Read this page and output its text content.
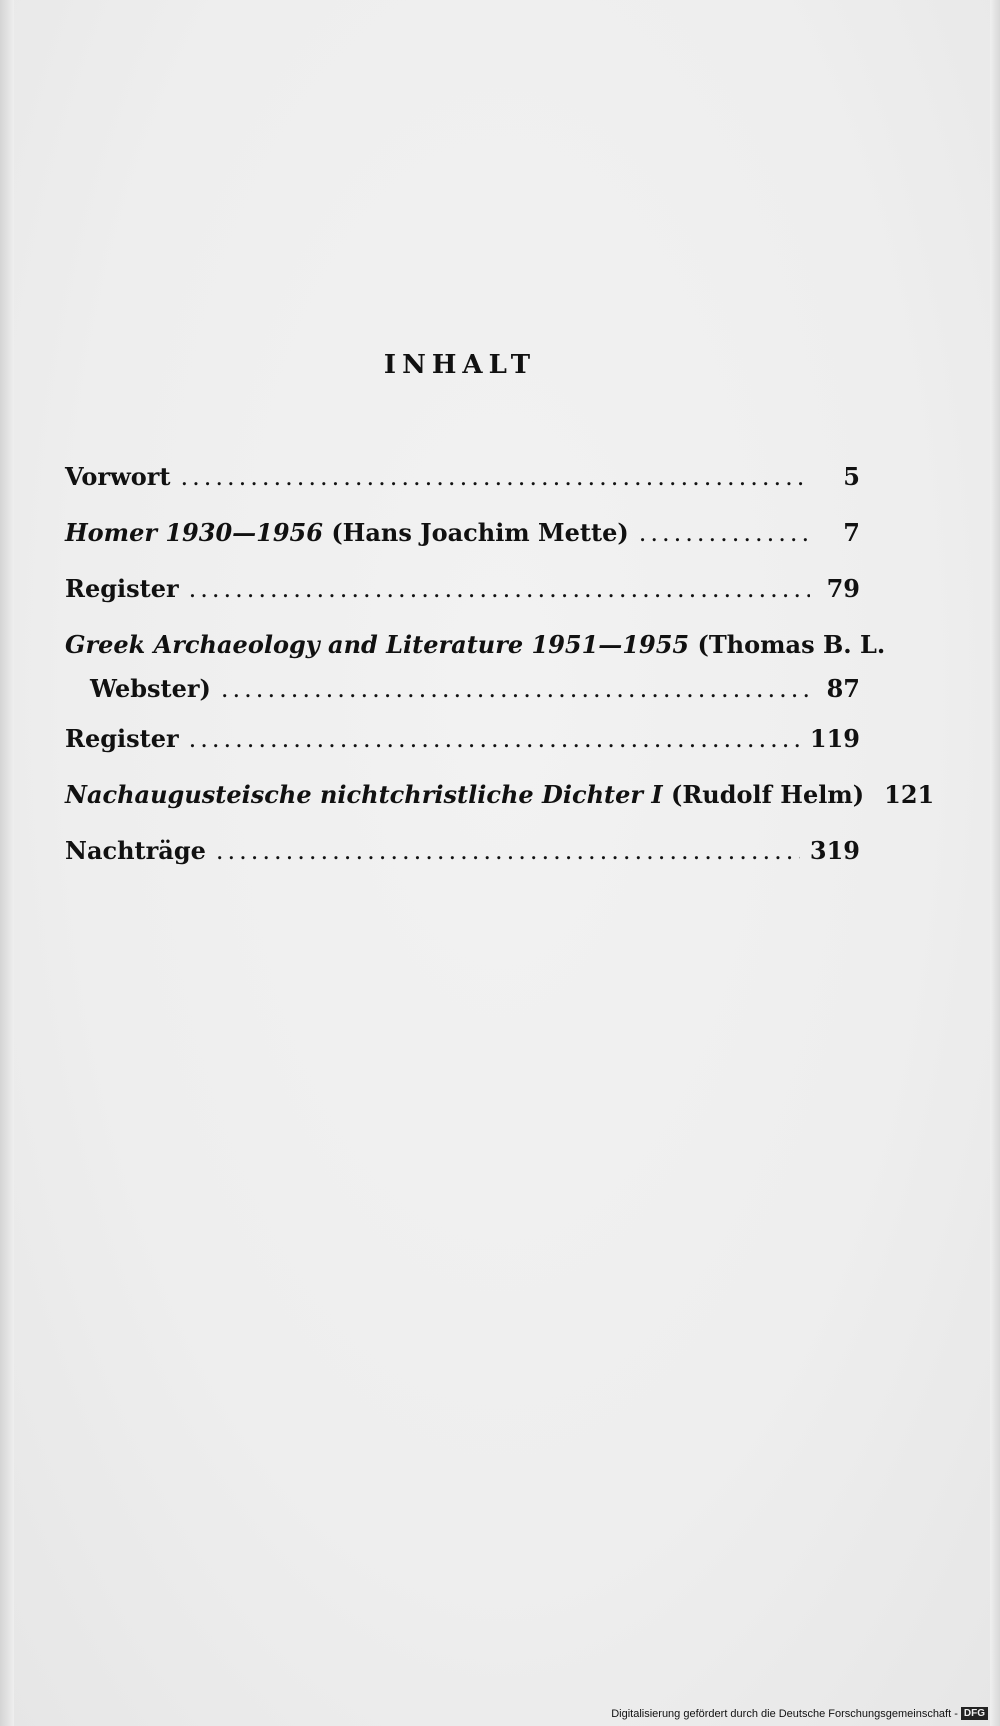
INHALT
Vorwort .....	5
Homer 1930—1956 (Hans Joachim Mette) .....	7
Register .....	79
Greek Archaeology and Literature 1951—1955 (Thomas B. L.
Webster) .....	87
Register .....	119
Nachaugusteische nichtchristliche Dichter I (Rudolf Helm) 121
Nachträge .....	319
Digitalisierung gefördert durch die Deutsche Forschungsgemeinschaft - DFG
